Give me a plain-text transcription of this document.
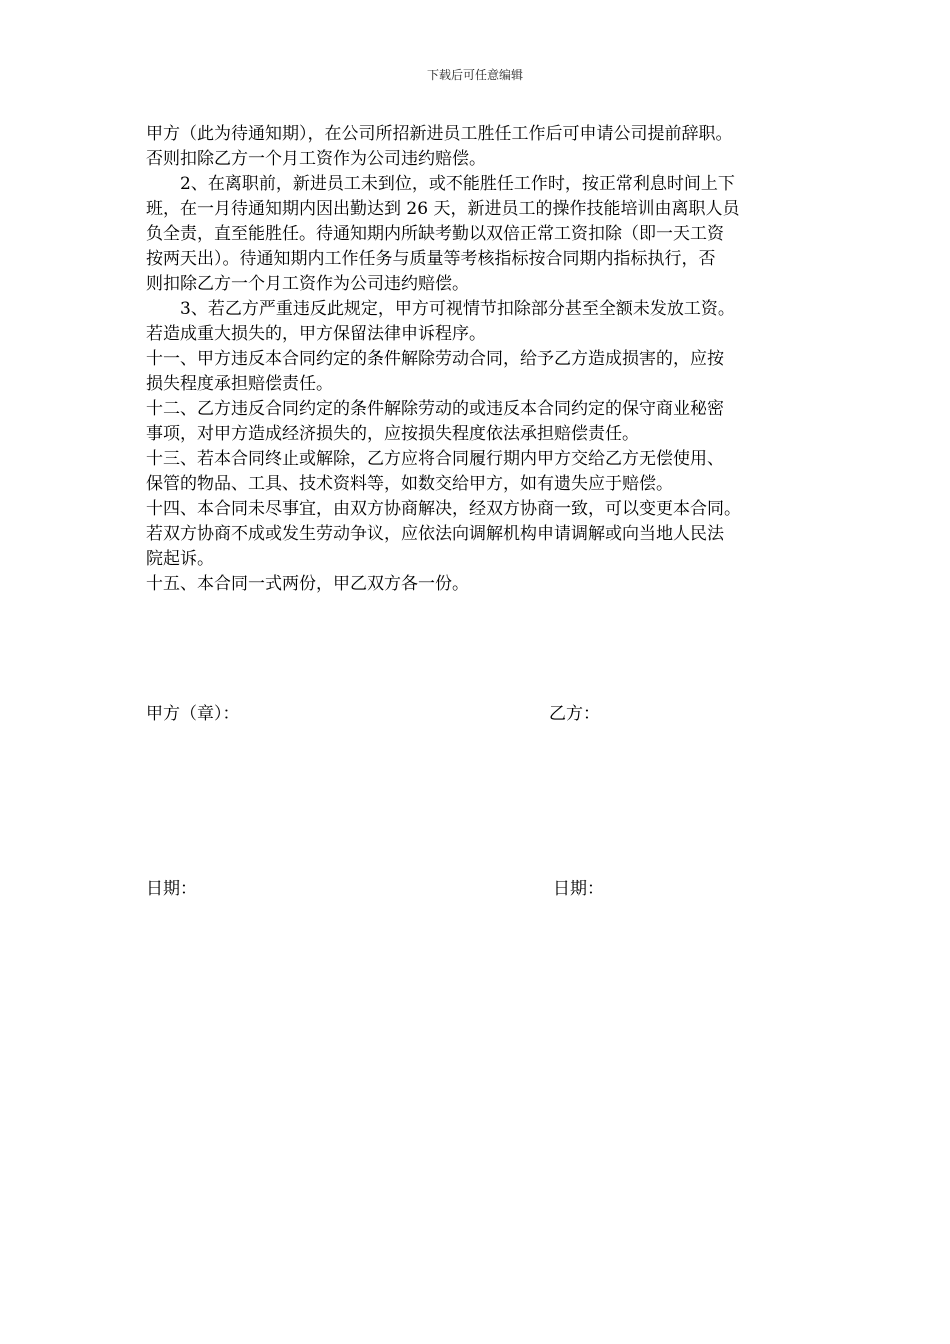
下载后可任意编辑
甲方（此为待通知期），在公司所招新进员工胜任工作后可申请公司提前辞职。
否则扣除乙方一个月工资作为公司违约赔偿。
　　2、在离职前，新进员工未到位，或不能胜任工作时，按正常利息时间上下
班，在一月待通知期内因出勤达到 26 天，新进员工的操作技能培训由离职人员
负全责，直至能胜任。待通知期内所缺考勤以双倍正常工资扣除（即一天工资
按两天出）。待通知期内工作任务与质量等考核指标按合同期内指标执行，否
则扣除乙方一个月工资作为公司违约赔偿。
　　3、若乙方严重违反此规定，甲方可视情节扣除部分甚至全额未发放工资。
若造成重大损失的，甲方保留法律申诉程序。
十一、甲方违反本合同约定的条件解除劳动合同，给予乙方造成损害的，应按
损失程度承担赔偿责任。
十二、乙方违反合同约定的条件解除劳动的或违反本合同约定的保守商业秘密
事项，对甲方造成经济损失的，应按损失程度依法承担赔偿责任。
十三、若本合同终止或解除，乙方应将合同履行期内甲方交给乙方无偿使用、
保管的物品、工具、技术资料等，如数交给甲方，如有遗失应于赔偿。
十四、本合同未尽事宜，由双方协商解决，经双方协商一致，可以变更本合同。
若双方协商不成或发生劳动争议，应依法向调解机构申请调解或向当地人民法
院起诉。
十五、本合同一式两份，甲乙双方各一份。
甲方（章）：	乙方：
日期：	日期：
